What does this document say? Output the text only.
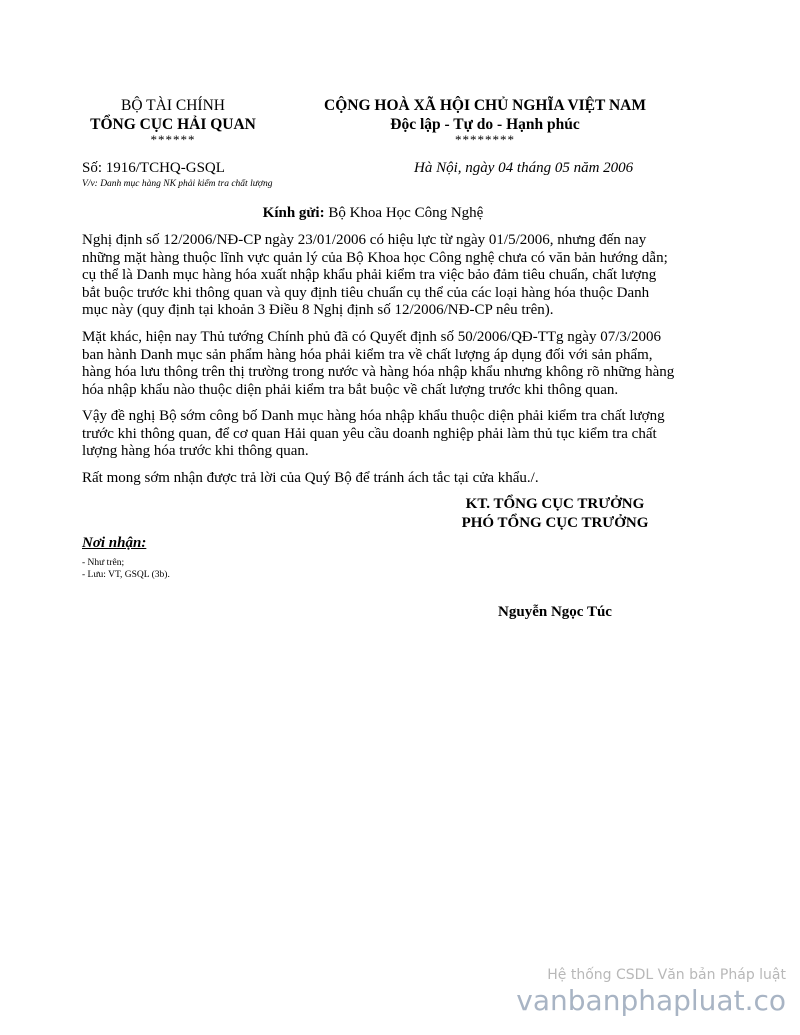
BỘ TÀI CHÍNH
TỔNG CỤC HẢI QUAN
******
CỘNG HOÀ XÃ HỘI CHỦ NGHĨA VIỆT NAM
Độc lập - Tự do - Hạnh phúc
********
Số: 1916/TCHQ-GSQL
V/v: Danh mục hàng NK phải kiểm tra chất lượng
Hà Nội, ngày 04 tháng 05 năm 2006
Kính gửi: Bộ Khoa Học Công Nghệ
Nghị định số 12/2006/NĐ-CP ngày 23/01/2006 có hiệu lực từ ngày 01/5/2006, nhưng đến nay những mặt hàng thuộc lĩnh vực quản lý của Bộ Khoa học Công nghệ chưa có văn bản hướng dẫn; cụ thể là Danh mục hàng hóa xuất nhập khẩu phải kiểm tra việc bảo đảm tiêu chuẩn, chất lượng bắt buộc trước khi thông quan và quy định tiêu chuẩn cụ thể của các loại hàng hóa thuộc Danh mục này (quy định tại khoản 3 Điều 8 Nghị định số 12/2006/NĐ-CP nêu trên).
Mặt khác, hiện nay Thủ tướng Chính phủ đã có Quyết định số 50/2006/QĐ-TTg ngày 07/3/2006 ban hành Danh mục sản phẩm hàng hóa phải kiểm tra về chất lượng áp dụng đối với sản phẩm, hàng hóa lưu thông trên thị trường trong nước và hàng hóa nhập khẩu nhưng không rõ những hàng hóa nhập khẩu nào thuộc diện phải kiểm tra bắt buộc về chất lượng trước khi thông quan.
Vậy đề nghị Bộ sớm công bố Danh mục hàng hóa nhập khẩu thuộc diện phải kiểm tra chất lượng trước khi thông quan, để cơ quan Hải quan yêu cầu doanh nghiệp phải làm thủ tục kiểm tra chất lượng hàng hóa trước khi thông quan.
Rất mong sớm nhận được trả lời của Quý Bộ để tránh ách tắc tại cửa khẩu./.
KT. TỔNG CỤC TRƯỞNG
PHÓ TỔNG CỤC TRƯỞNG
Nơi nhận:
- Như trên;
- Lưu: VT, GSQL (3b).
Nguyễn Ngọc Túc
Hệ thống CSDL Văn bản Pháp luật
vanbanphapluat.co
